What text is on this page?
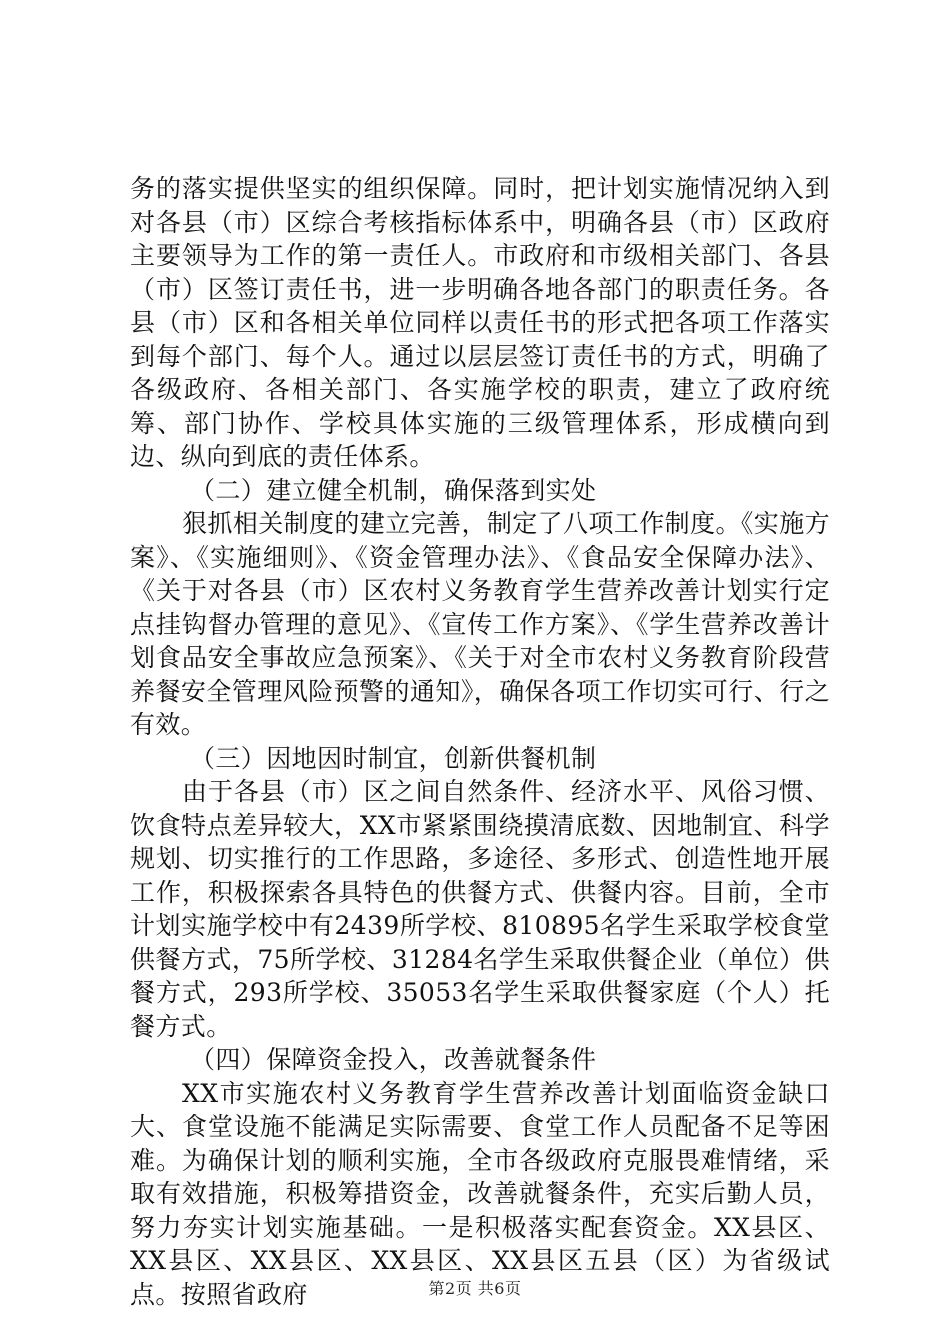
务的落实提供坚实的组织保障。同时，把计划实施情况纳入到对各县（市）区综合考核指标体系中，明确各县（市）区政府主要领导为工作的第一责任人。市政府和市级相关部门、各县（市）区签订责任书，进一步明确各地各部门的职责任务。各县（市）区和各相关单位同样以责任书的形式把各项工作落实到每个部门、每个人。通过以层层签订责任书的方式，明确了各级政府、各相关部门、各实施学校的职责，建立了政府统筹、部门协作、学校具体实施的三级管理体系，形成横向到边、纵向到底的责任体系。

（二）建立健全机制，确保落到实处

狠抓相关制度的建立完善，制定了八项工作制度。《实施方案》、《实施细则》、《资金管理办法》、《食品安全保障办法》、《关于对各县（市）区农村义务教育学生营养改善计划实行定点挂钩督办管理的意见》、《宣传工作方案》、《学生营养改善计划食品安全事故应急预案》、《关于对全市农村义务教育阶段营养餐安全管理风险预警的通知》，确保各项工作切实可行、行之有效。

（三）因地因时制宜，创新供餐机制

由于各县（市）区之间自然条件、经济水平、风俗习惯、饮食特点差异较大，XX市紧紧围绕摸清底数、因地制宜、科学规划、切实推行的工作思路，多途径、多形式、创造性地开展工作，积极探索各具特色的供餐方式、供餐内容。目前，全市计划实施学校中有2439所学校、810895名学生采取学校食堂供餐方式，75所学校、31284名学生采取供餐企业（单位）供餐方式，293所学校、35053名学生采取供餐家庭（个人）托餐方式。

（四）保障资金投入，改善就餐条件

XX市实施农村义务教育学生营养改善计划面临资金缺口大、食堂设施不能满足实际需要、食堂工作人员配备不足等困难。为确保计划的顺利实施，全市各级政府克服畏难情绪，采取有效措施，积极筹措资金，改善就餐条件，充实后勤人员，努力夯实计划实施基础。一是积极落实配套资金。XX县区、XX县区、XX县区、XX县区、XX县区五县（区）为省级试点。按照省政府	第2页 共6页
